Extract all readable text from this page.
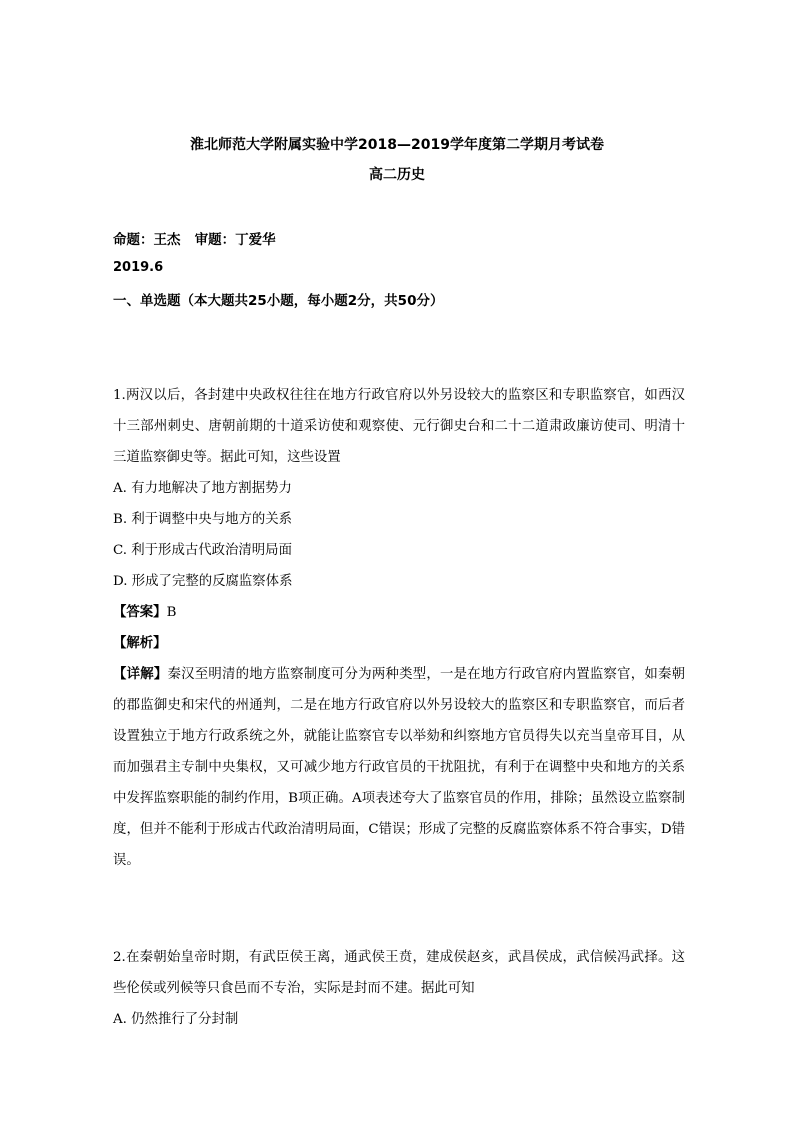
淮北师范大学附属实验中学2018—2019学年度第二学期月考试卷
高二历史
命题：王杰   审题：丁爱华
2019.6
一、单选题（本大题共25小题，每小题2分，共50分）

1.两汉以后，各封建中央政权往往在地方行政官府以外另设较大的监察区和专职监察官，如西汉十三部州刺史、唐朝前期的十道采访使和观察使、元行御史台和二十二道肃政廉访使司、明清十三道监察御史等。据此可知，这些设置

A. 有力地解决了地方割据势力

B. 利于调整中央与地方的关系

C. 利于形成古代政治清明局面

D. 形成了完整的反腐监察体系

【答案】B

【解析】

【详解】秦汉至明清的地方监察制度可分为两种类型，一是在地方行政官府内置监察官，如秦朝的郡监御史和宋代的州通判，二是在地方行政官府以外另设较大的监察区和专职监察官，而后者设置独立于地方行政系统之外，就能让监察官专以举劾和纠察地方官员得失以充当皇帝耳目，从而加强君主专制中央集权，又可减少地方行政官员的干扰阻扰，有利于在调整中央和地方的关系中发挥监察职能的制约作用，B项正确。A项表述夸大了监察官员的作用，排除；虽然设立监察制度，但并不能利于形成古代政治清明局面，C错误；形成了完整的反腐监察体系不符合事实，D错误。

2.在秦朝始皇帝时期，有武臣侯王离，通武侯王贲，建成侯赵亥，武昌侯成，武信候冯武择。这些伦侯或列候等只食邑而不专治，实际是封而不建。据此可知

A. 仍然推行了分封制
